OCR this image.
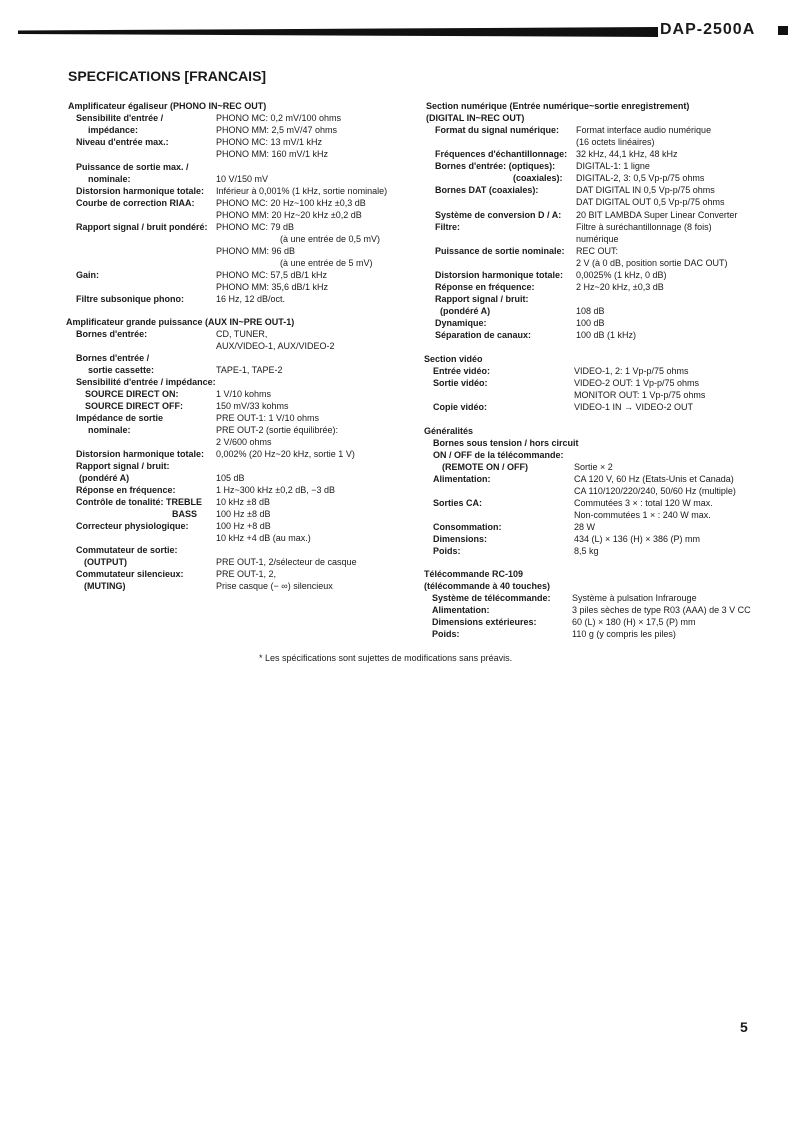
DAP-2500A
SPECFICATIONS [FRANCAIS]
Amplificateur égaliseur (PHONO IN~REC OUT)
Sensibilite d'entrée /	PHONO MC: 0,2 mV/100 ohms
impédance:	PHONO MM: 2,5 mV/47 ohms
Niveau d'entrée max.:	PHONO MC: 13 mV/1 kHz
PHONO MM: 160 mV/1 kHz
Puissance de sortie max. /
nominale:	10 V/150 mV
Distorsion harmonique totale: Inférieur à 0,001% (1 kHz, sortie nominale)
Courbe de correction RIAA: PHONO MC: 20 Hz~100 kHz ±0,3 dB
PHONO MM: 20 Hz~20 kHz ±0,2 dB
Rapport signal / bruit pondéré: PHONO MC: 79 dB
(à une entrée de 0,5 mV)
PHONO MM: 96 dB
(à une entrée de 5 mV)
Gain:	PHONO MC: 57,5 dB/1 kHz
PHONO MM: 35,6 dB/1 kHz
Filtre subsonique phono:	16 Hz, 12 dB/oct.
Amplificateur grande puissance (AUX IN~PRE OUT-1)
Bornes d'entrée:	CD, TUNER,
AUX/VIDEO-1, AUX/VIDEO-2
Bornes d'entrée /
sortie cassette:	TAPE-1, TAPE-2
Sensibilité d'entrée / impédance:
SOURCE DIRECT ON:	1 V/10 kohms
SOURCE DIRECT OFF:	150 mV/33 kohms
Impédance de sortie	PRE OUT-1: 1 V/10 ohms
nominale:	PRE OUT-2 (sortie équilibrée):
2 V/600 ohms
Distorsion harmonique totale: 0,002% (20 Hz~20 kHz, sortie 1 V)
Rapport signal / bruit:
(pondéré A)	105 dB
Réponse en fréquence:	1 Hz~300 kHz ±0,2 dB, −3 dB
Contrôle de tonalité: TREBLE 10 kHz ±8 dB
BASS 100 Hz ±8 dB
Correcteur physiologique:	100 Hz +8 dB
10 kHz +4 dB (au max.)
Commutateur de sortie:
(OUTPUT)	PRE OUT-1, 2/sélecteur de casque
Commutateur silencieux:	PRE OUT-1, 2,
(MUTING)	Prise casque (− ∞) silencieux
Section numérique (Entrée numérique~sortie enregistrement)
(DIGITAL IN~REC OUT)
Format du signal numérique: Format interface audio numérique
(16 octets linéaires)
Fréquences d'échantillonnage: 32 kHz, 44,1 kHz, 48 kHz
Bornes d'entrée: (optiques): DIGITAL-1: 1 ligne
(coaxiales): DIGITAL-2, 3: 0,5 Vp-p/75 ohms
Bornes DAT (coaxiales):	DAT DIGITAL IN 0,5 Vp-p/75 ohms
DAT DIGITAL OUT 0,5 Vp-p/75 ohms
Système de conversion D / A: 20 BIT LAMBDA Super Linear Converter
Filtre:	Filtre à suréchantillonnage (8 fois)
numérique
Puissance de sortie nominale: REC OUT:
2 V (à 0 dB, position sortie DAC OUT)
Distorsion harmonique totale: 0,0025% (1 kHz, 0 dB)
Réponse en fréquence:	2 Hz~20 kHz, ±0,3 dB
Rapport signal / bruit:
(pondéré A)	108 dB
Dynamique:	100 dB
Séparation de canaux:	100 dB (1 kHz)
Section vidéo
Entrée vidéo:	VIDEO-1, 2: 1 Vp-p/75 ohms
Sortie vidéo:	VIDEO-2 OUT: 1 Vp-p/75 ohms
MONITOR OUT: 1 Vp-p/75 ohms
Copie vidéo:	VIDEO-1 IN → VIDEO-2 OUT
Généralités
Bornes sous tension / hors circuit
ON / OFF de la télécommande:
(REMOTE ON / OFF)	Sortie × 2
Alimentation:	CA 120 V, 60 Hz (Etats-Unis et Canada)
CA 110/120/220/240, 50/60 Hz (multiple)
Sorties CA:	Commutées 3 × : total 120 W max.
Non-commutées 1 × : 240 W max.
Consommation:	28 W
Dimensions:	434 (L) × 136 (H) × 386 (P) mm
Poids:	8,5 kg
Télécommande RC-109
(télécommande à 40 touches)
Système de télécommande: Système à pulsation Infrarouge
Alimentation:	3 piles sèches de type R03 (AAA) de 3 V CC
Dimensions extérieures:	60 (L) × 180 (H) × 17,5 (P) mm
Poids:	110 g (y compris les piles)
* Les spécifications sont sujettes de modifications sans préavis.
5
